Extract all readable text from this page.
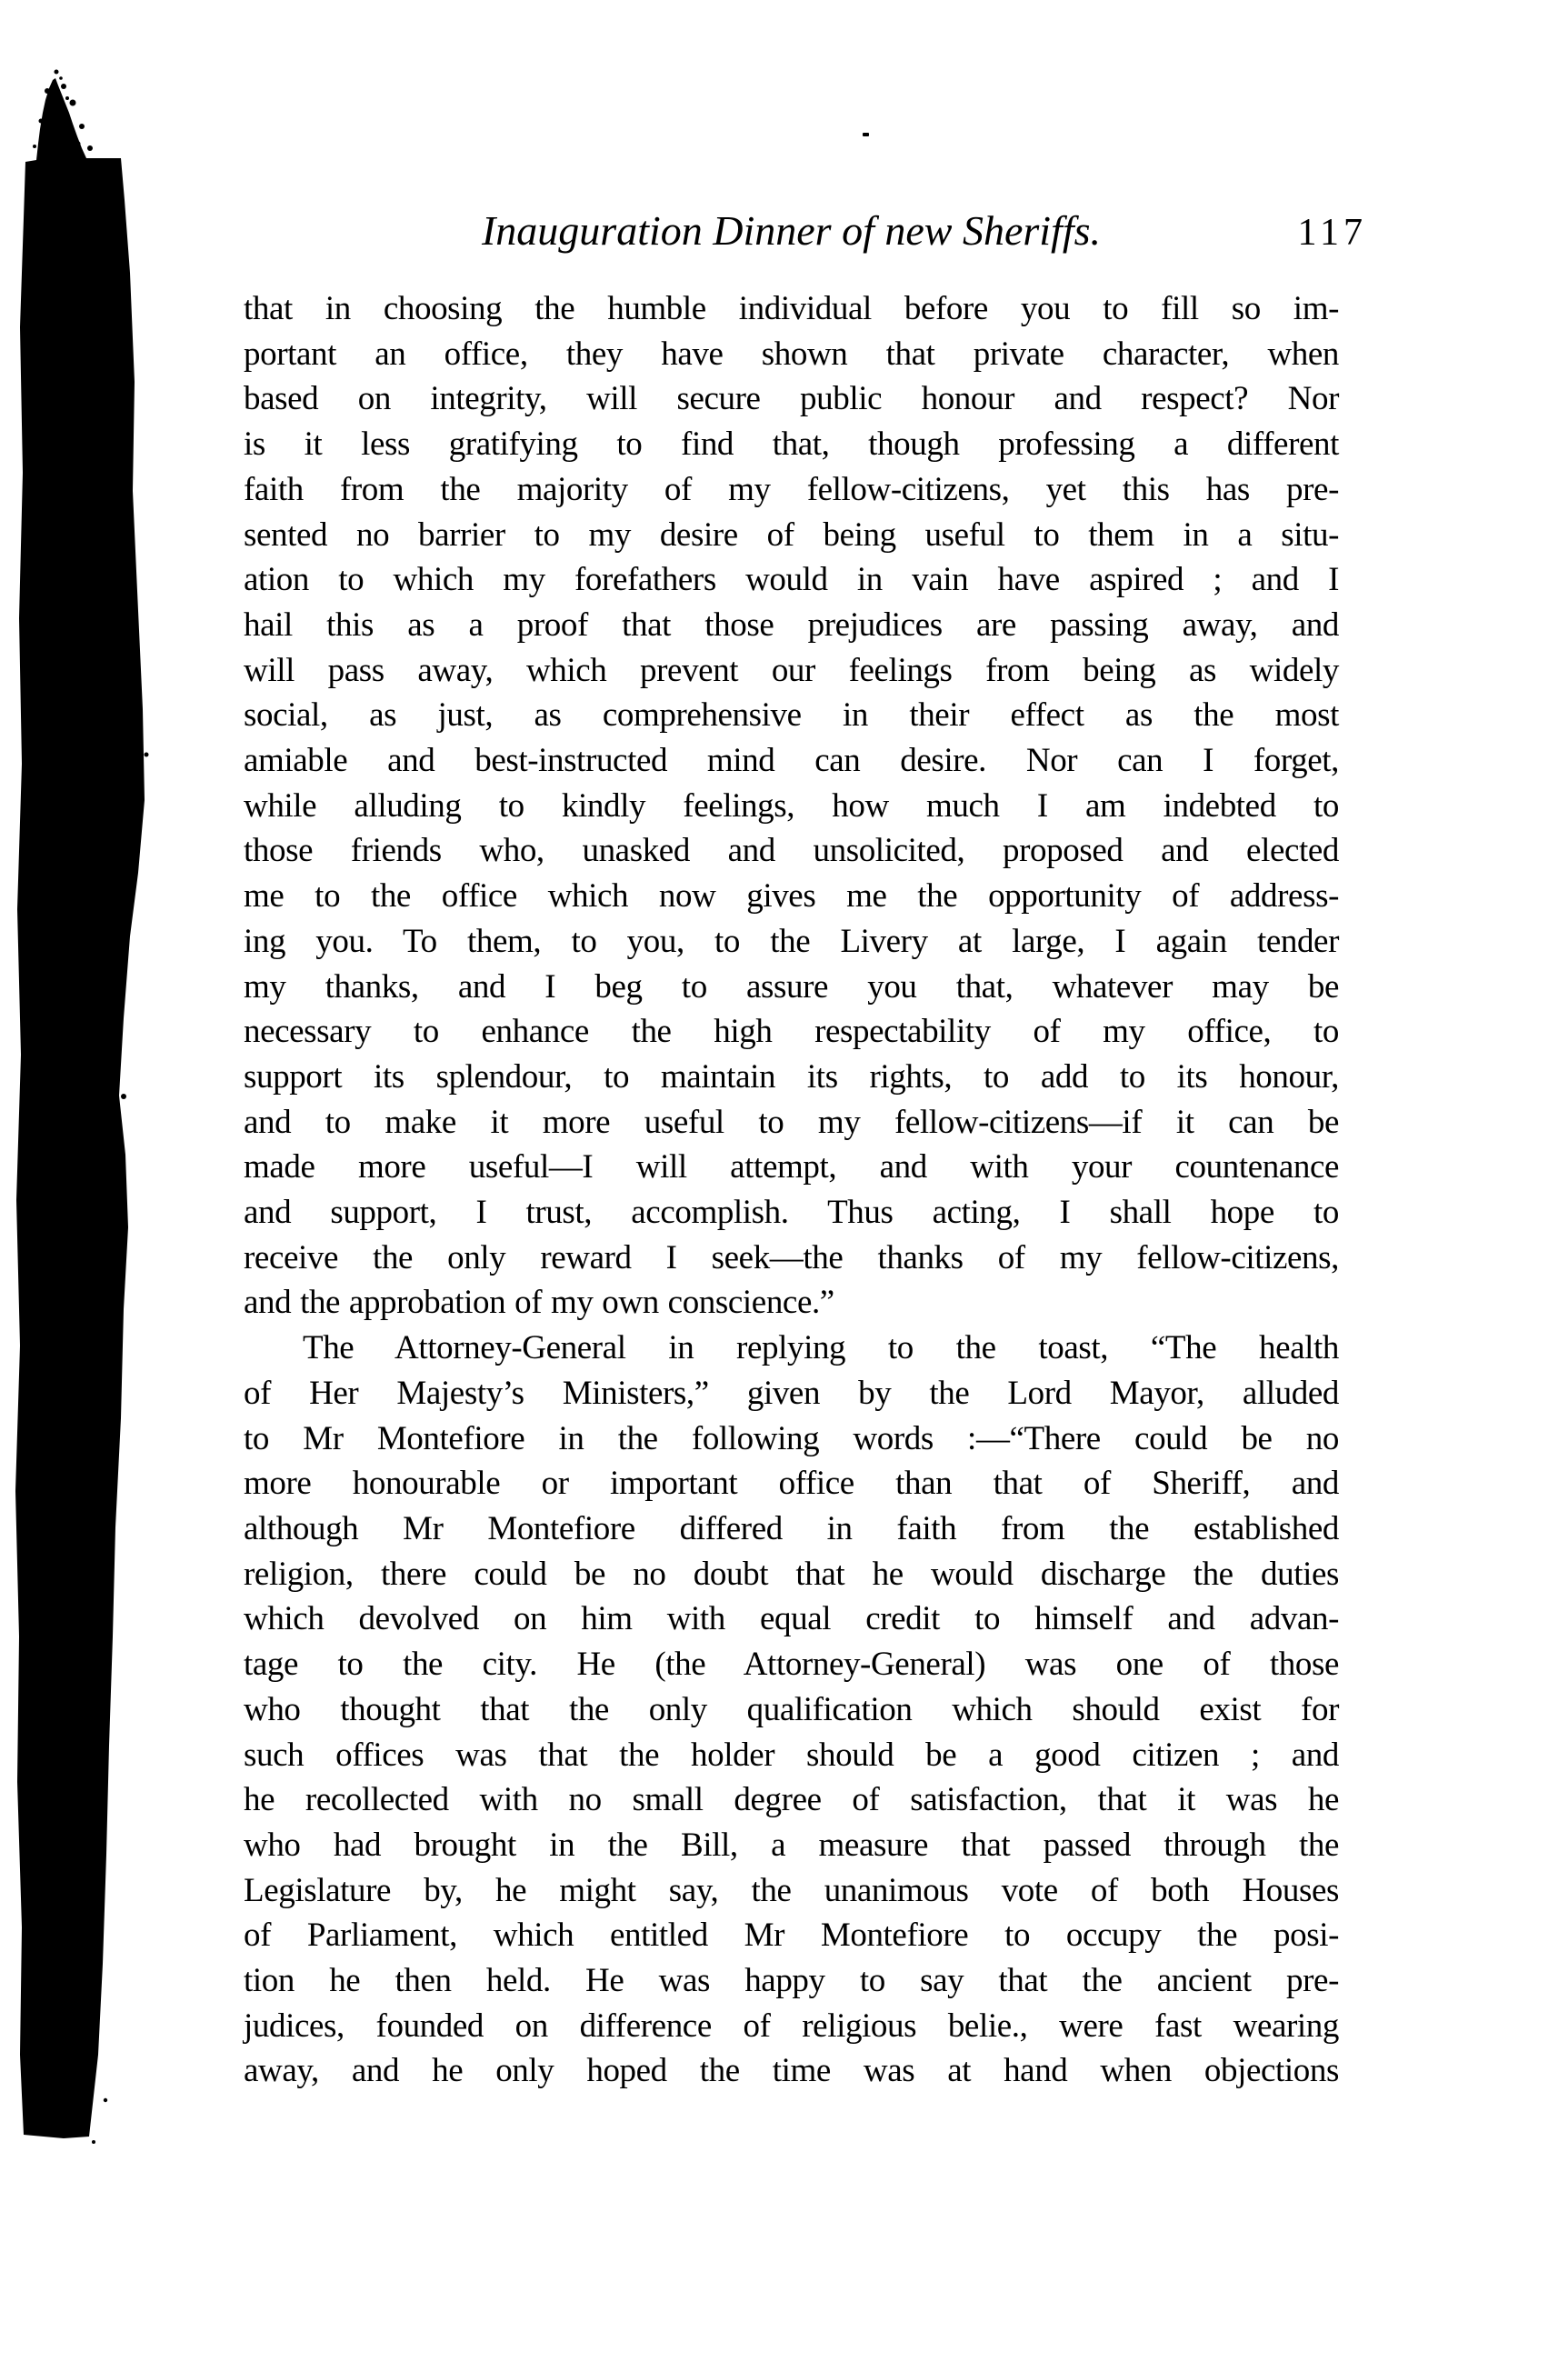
Inauguration Dinner of new Sheriffs.	117
that in choosing the humble individual before you to fill so im-
portant an office, they have shown that private character, when
based on integrity, will secure public honour and respect? Nor
is it less gratifying to find that, though professing a different
faith from the majority of my fellow-citizens, yet this has pre-
sented no barrier to my desire of being useful to them in a situ-
ation to which my forefathers would in vain have aspired ; and I
hail this as a proof that those prejudices are passing away, and
will pass away, which prevent our feelings from being as widely
social, as just, as comprehensive in their effect as the most
amiable and best-instructed mind can desire. Nor can I forget,
while alluding to kindly feelings, how much I am indebted to
those friends who, unasked and unsolicited, proposed and elected
me to the office which now gives me the opportunity of address-
ing you. To them, to you, to the Livery at large, I again tender
my thanks, and I beg to assure you that, whatever may be
necessary to enhance the high respectability of my office, to
support its splendour, to maintain its rights, to add to its honour,
and to make it more useful to my fellow-citizens—if it can be
made more useful—I will attempt, and with your countenance
and support, I trust, accomplish. Thus acting, I shall hope to
receive the only reward I seek—the thanks of my fellow-citizens,
and the approbation of my own conscience.”
The Attorney-General in replying to the toast, “The health
of Her Majesty’s Ministers,” given by the Lord Mayor, alluded
to Mr Montefiore in the following words :—“There could be no
more honourable or important office than that of Sheriff, and
although Mr Montefiore differed in faith from the established
religion, there could be no doubt that he would discharge the duties
which devolved on him with equal credit to himself and advan-
tage to the city. He (the Attorney-General) was one of those
who thought that the only qualification which should exist for
such offices was that the holder should be a good citizen ; and
he recollected with no small degree of satisfaction, that it was he
who had brought in the Bill, a measure that passed through the
Legislature by, he might say, the unanimous vote of both Houses
of Parliament, which entitled Mr Montefiore to occupy the posi-
tion he then held. He was happy to say that the ancient pre-
judices, founded on difference of religious belie., were fast wearing
away, and he only hoped the time was at hand when objections
